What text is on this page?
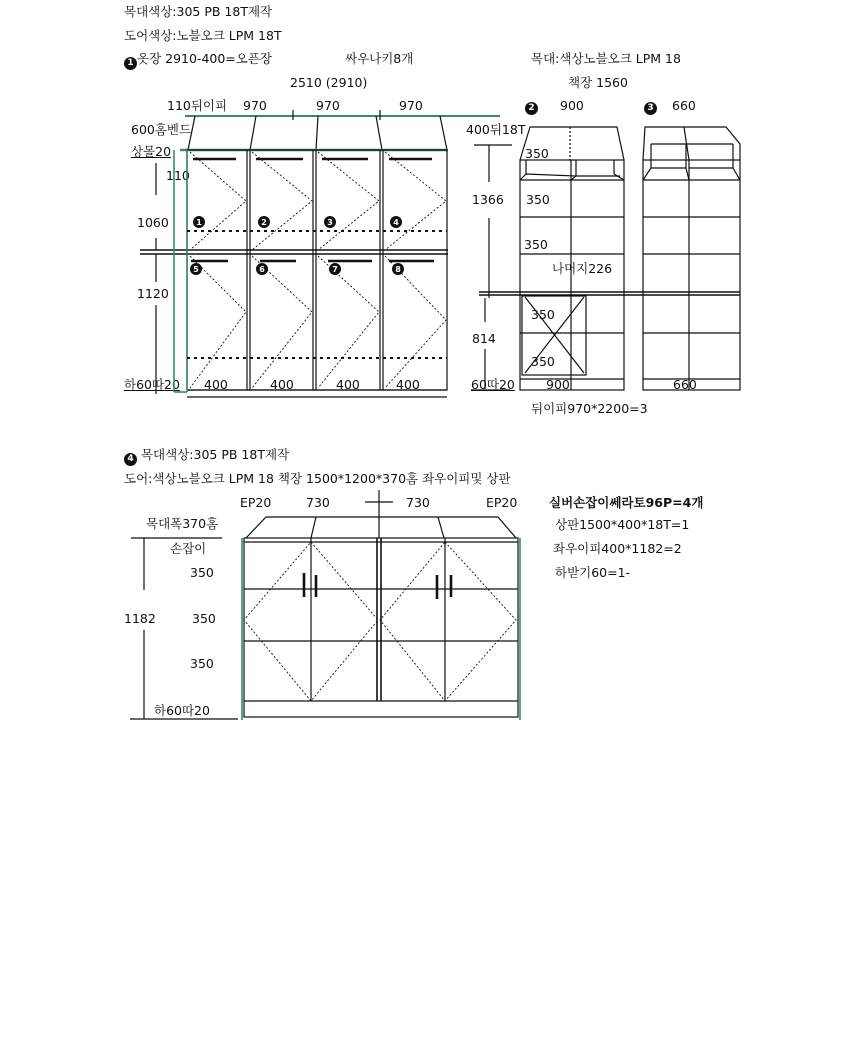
목대색상:305 PB 18T제작
도어색상:노블오크 LPM 18T
1 옷장 2910-400=오픈장	싸우나키8개
2510 (2910)
110뒤이피 970	970	970
600홈벤드
상몰20
110
1060
1120
하60따20 400	400	400	400
목대:색상노블오크 LPM 18
책장 1560
2 900	3 660
400뒤18T
350
1366 350
350
나머지226
350
814
350
60따20 900	660
뒤이피970*2200=3
4 목대색상:305 PB 18T제작
도어:색상노블오크 LPM 18 책장 1500*1200*370홈 좌우이피및 상판
EP20	730	730	EP20
목대폭370홈
손잡이
350
1182	350
350
하60따20
실버손잡이쎄라토96P=4개
상판1500*400*18T=1
좌우이피400*1182=2
하받기60=1-
1	2	3	4
5	6	7	8
